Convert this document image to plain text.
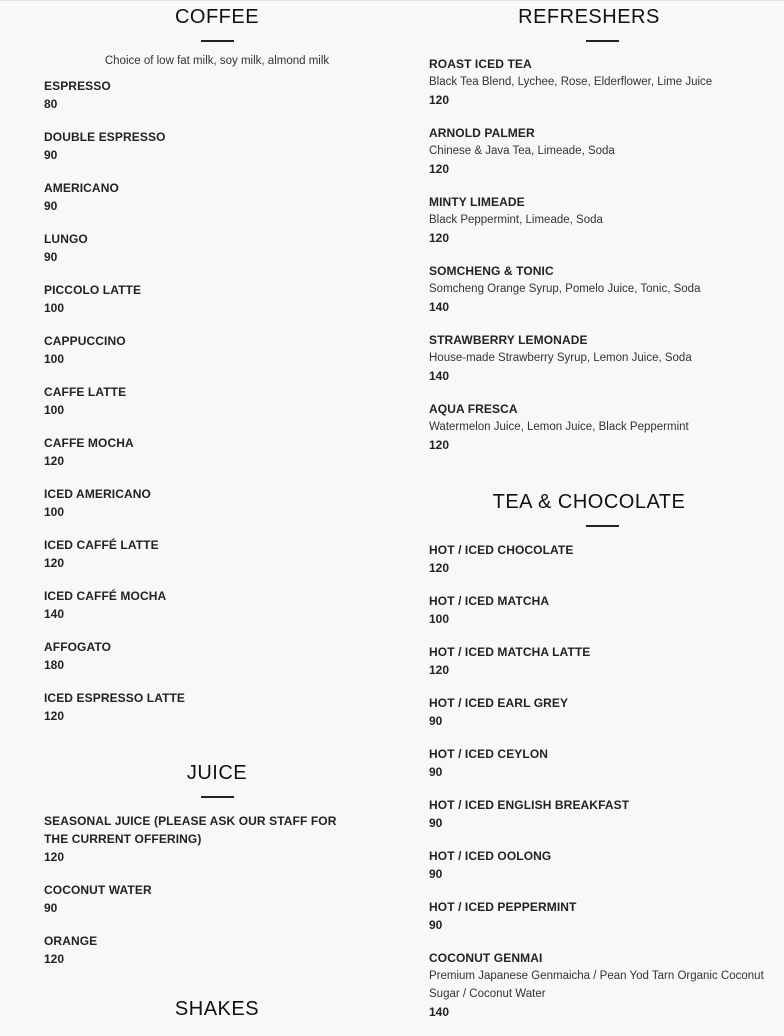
COFFEE
Choice of low fat milk, soy milk, almond milk
ESPRESSO
80
DOUBLE ESPRESSO
90
AMERICANO
90
LUNGO
90
PICCOLO LATTE
100
CAPPUCCINO
100
CAFFE LATTE
100
CAFFE MOCHA
120
ICED AMERICANO
100
ICED CAFFÉ LATTE
120
ICED CAFFÉ MOCHA
140
AFFOGATO
180
ICED ESPRESSO LATTE
120
JUICE
SEASONAL JUICE (PLEASE ASK OUR STAFF FOR THE CURRENT OFFERING)
120
COCONUT WATER
90
ORANGE
120
SHAKES
REFRESHERS
ROAST ICED TEA
Black Tea Blend, Lychee, Rose, Elderflower, Lime Juice
120
ARNOLD PALMER
Chinese & Java Tea, Limeade, Soda
120
MINTY LIMEADE
Black Peppermint, Limeade, Soda
120
SOMCHENG & TONIC
Somcheng Orange Syrup, Pomelo Juice, Tonic, Soda
140
STRAWBERRY LEMONADE
House-made Strawberry Syrup, Lemon Juice, Soda
140
AQUA FRESCA
Watermelon Juice, Lemon Juice, Black Peppermint
120
TEA & CHOCOLATE
HOT / ICED CHOCOLATE
120
HOT / ICED MATCHA
100
HOT / ICED MATCHA LATTE
120
HOT / ICED EARL GREY
90
HOT / ICED CEYLON
90
HOT / ICED ENGLISH BREAKFAST
90
HOT / ICED OOLONG
90
HOT / ICED PEPPERMINT
90
COCONUT GENMAI
Premium Japanese Genmaicha / Pean Yod Tarn Organic Coconut Sugar / Coconut Water
140
